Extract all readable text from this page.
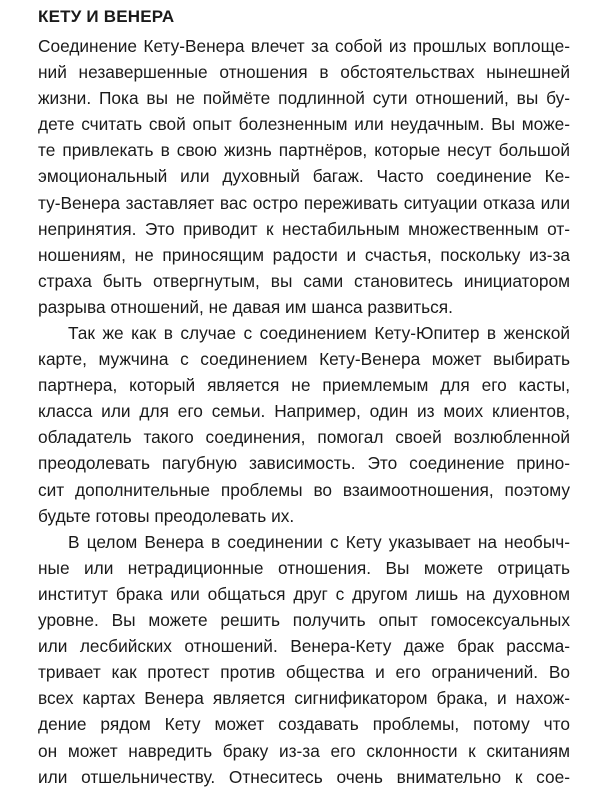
КЕТУ И ВЕНЕРА
Соединение Кету-Венера влечет за собой из прошлых воплоще-
ний незавершенные отношения в обстоятельствах нынешней
жизни. Пока вы не поймёте подлинной сути отношений, вы бу-
дете считать свой опыт болезненным или неудачным. Вы може-
те привлекать в свою жизнь партнёров, которые несут большой
эмоциональный или духовный багаж. Часто соединение Ке-
ту-Венера заставляет вас остро переживать ситуации отказа или
непринятия. Это приводит к нестабильным множественным от-
ношениям, не приносящим радости и счастья, поскольку из-за
страха быть отвергнутым, вы сами становитесь инициатором
разрыва отношений, не давая им шанса развиться.
Так же как в случае с соединением Кету-Юпитер в женской
карте, мужчина с соединением Кету-Венера может выбирать
партнера, который является не приемлемым для его касты,
класса или для его семьи. Например, один из моих клиентов,
обладатель такого соединения, помогал своей возлюбленной
преодолевать пагубную зависимость. Это соединение прино-
сит дополнительные проблемы во взаимоотношения, поэтому
будьте готовы преодолевать их.
В целом Венера в соединении с Кету указывает на необыч-
ные или нетрадиционные отношения. Вы можете отрицать
институт брака или общаться друг с другом лишь на духовном
уровне. Вы можете решить получить опыт гомосексуальных
или лесбийских отношений. Венера-Кету даже брак рассма-
тривает как протест против общества и его ограничений. Во
всех картах Венера является сигнификатором брака, и нахож-
дение рядом Кету может создавать проблемы, потому что
он может навредить браку из-за его склонности к скитаниям
или отшельничеству. Отнеситесь очень внимательно к сое-
